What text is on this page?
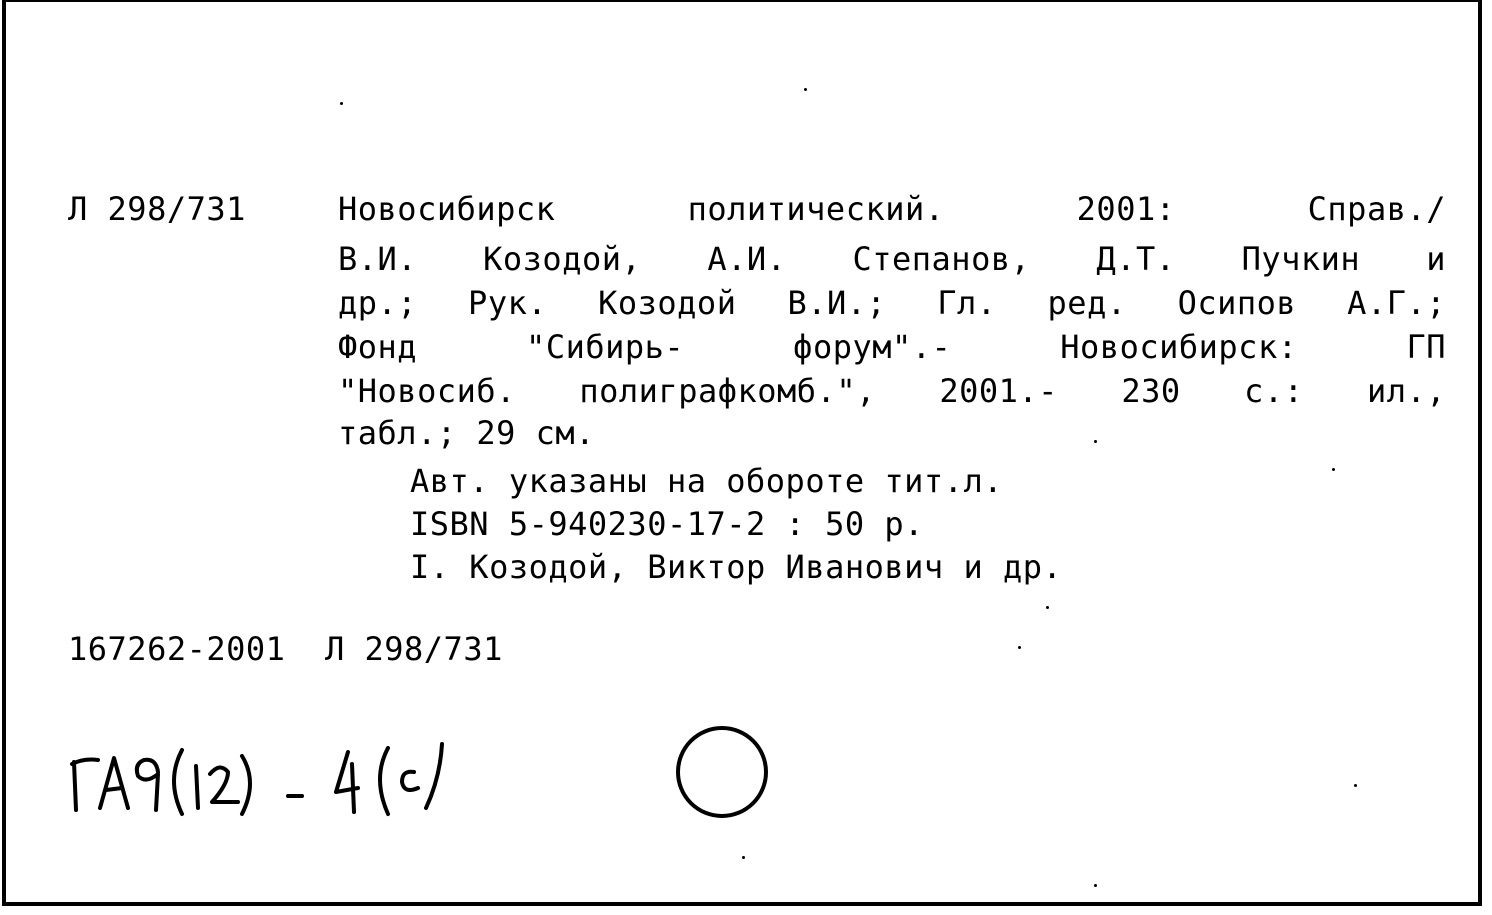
Л 298/731	Новосибирск политический. 2001: Справ./
В.И. Козодой, А.И. Степанов, Д.Т. Пучкин и
др.; Рук. Козодой В.И.; Гл. ред. Осипов А.Г.;
Фонд "Сибирь- форум".- Новосибирск: ГП
"Новосиб. полиграфкомб.", 2001.- 230 с.: ил.,
табл.; 29 см.
Авт. указаны на обороте тит.л.
ISBN 5-940230-17-2 : 50 р.
I. Козодой, Виктор Иванович и др.
167262-2001  Л 298/731
